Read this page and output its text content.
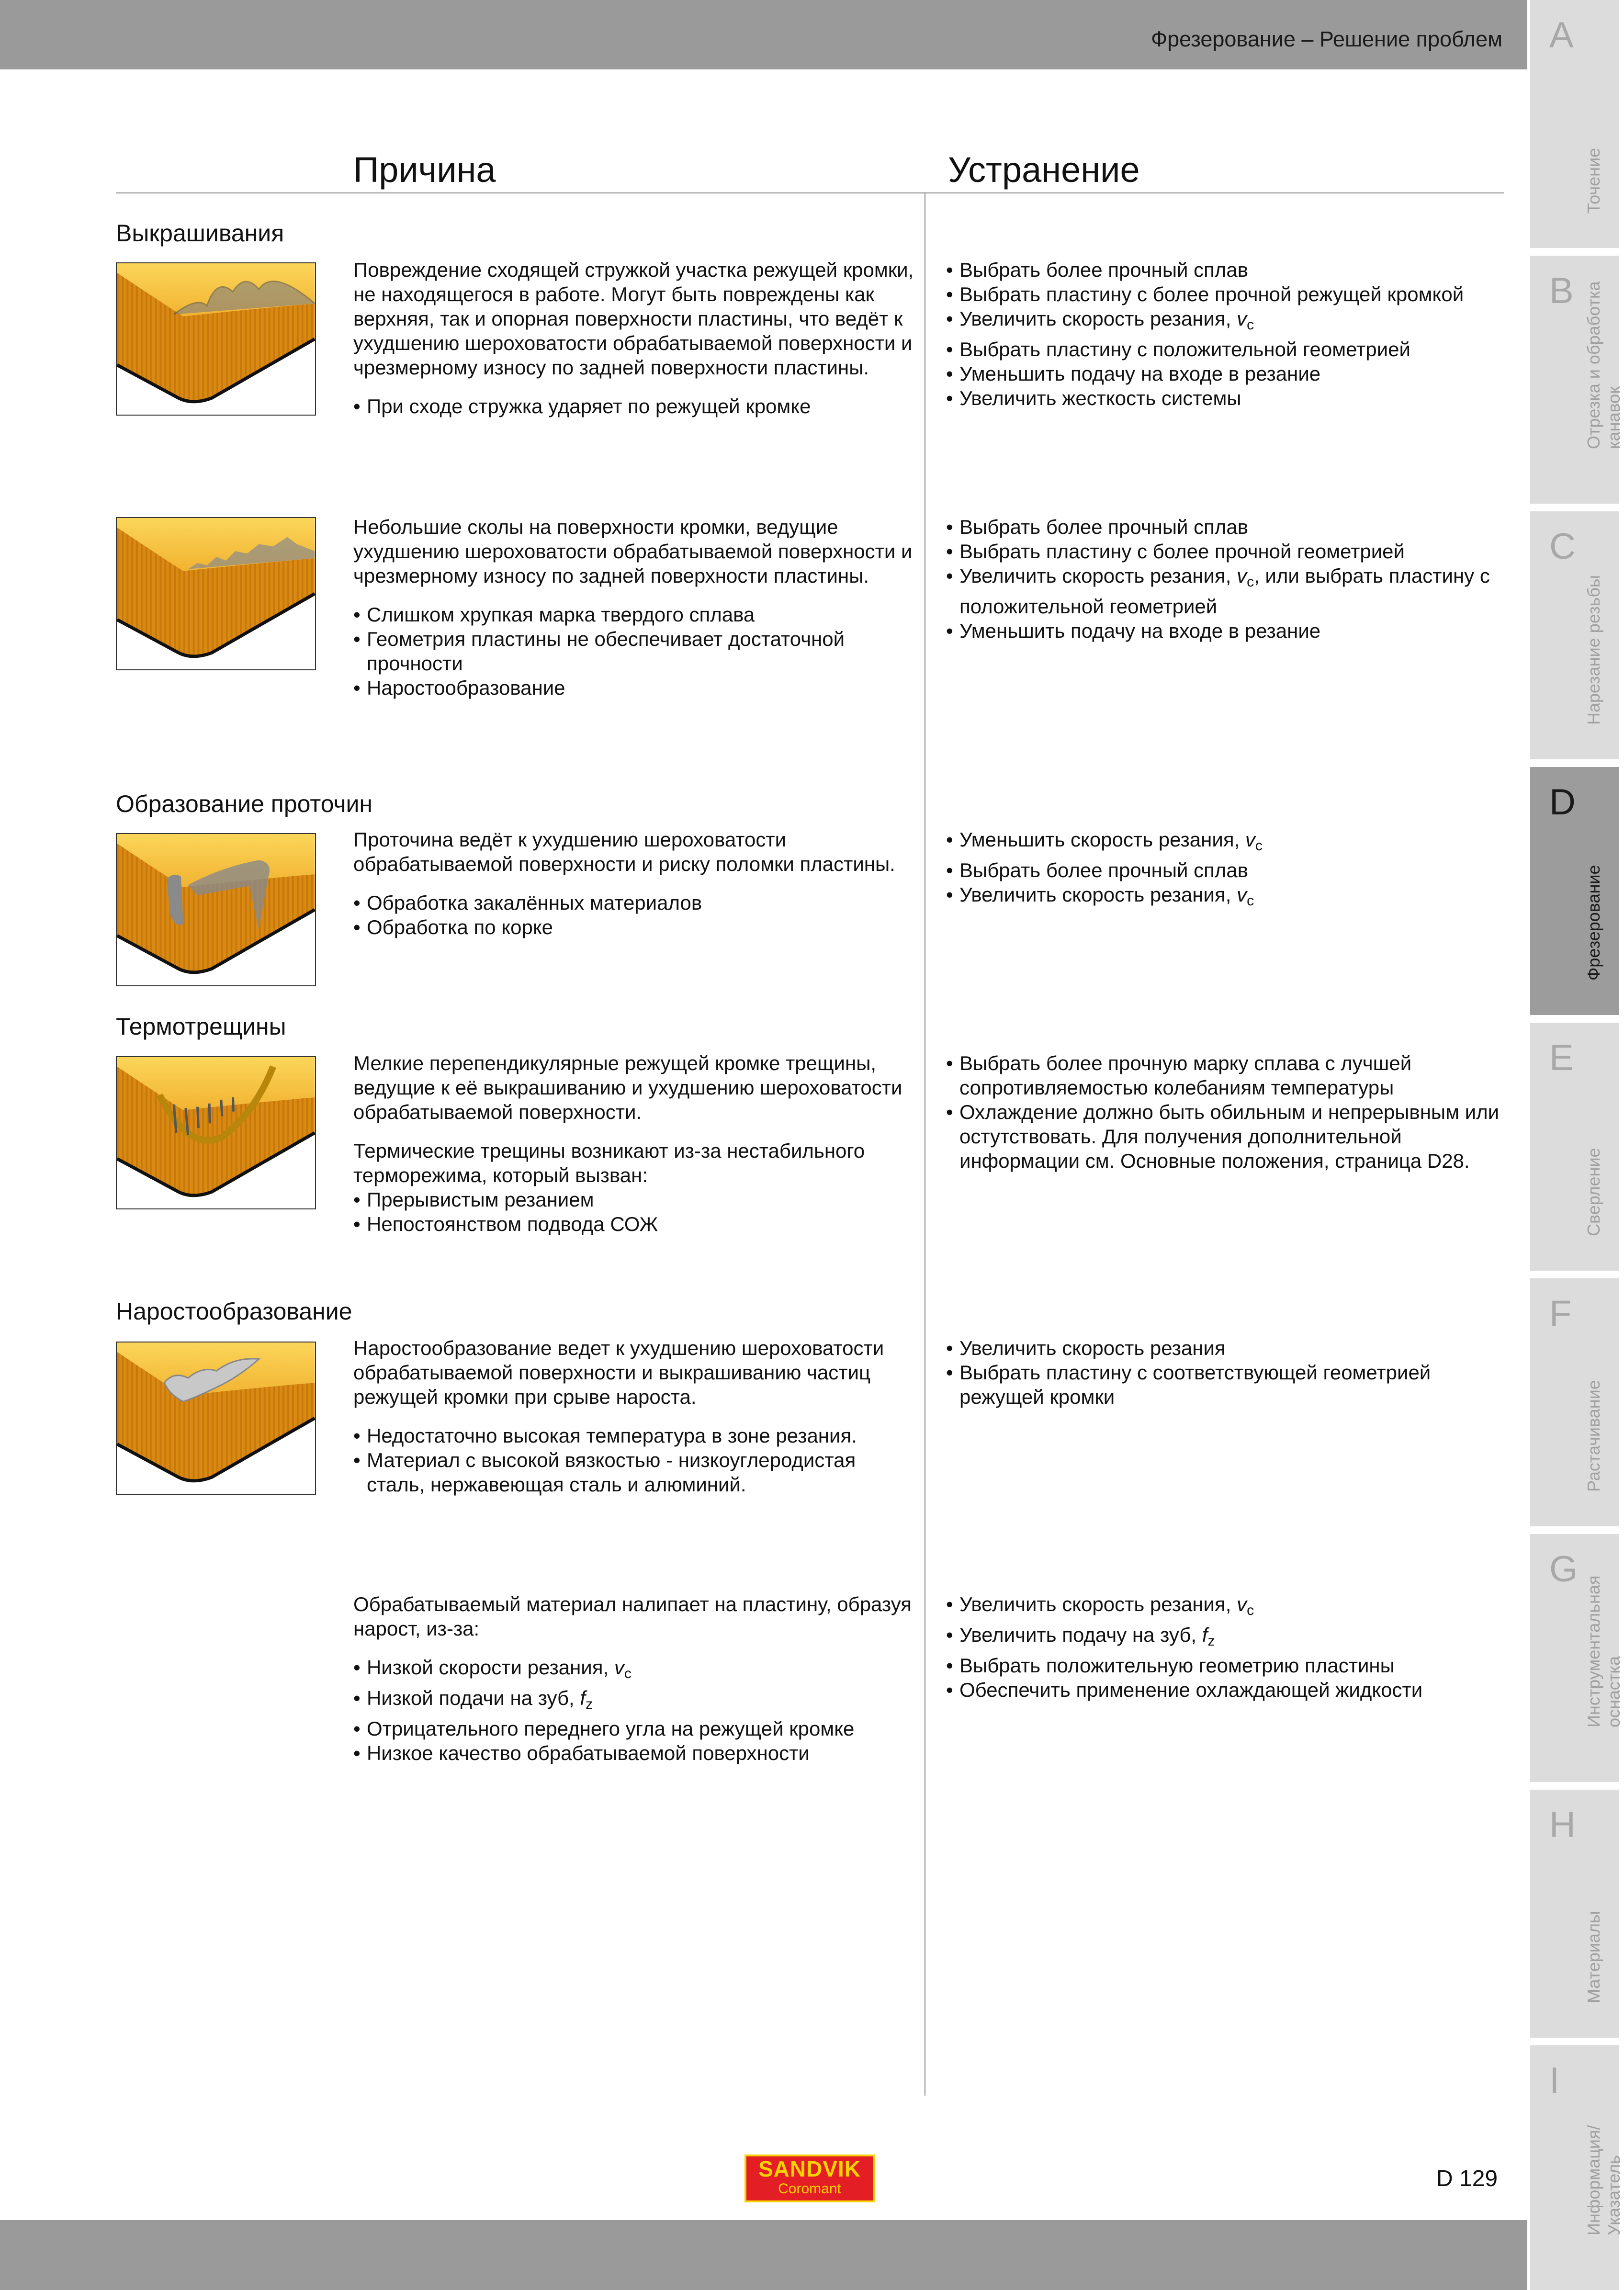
Фрезерование – Решение проблем A
Точение
B Отрезка и обработка канавок
C
Нарезание резьбы
D
Фрезерование
E
Сверление
F
Растачивание
G
Инструментальная оснастка
H
Материалы
I
Информация/ Указатель
Причина	Устранение
Выкрашивания

Повреждение сходящей стружкой участка режущей кромки, не находящегося в работе. Могут быть повреждены как верхняя, так и опорная поверхности пластины, что ведёт к ухудшению шероховатости обрабатываемой поверхности и чрезмерному износу по задней поверхности пластины.

• При сходе стружка ударяет по режущей кромке
• Выбрать более прочный сплав
• Выбрать пластину с более прочной режущей кромкой
• Увеличить скорость резания, $v_c$
• Выбрать пластину с положительной геометрией
• Уменьшить подачу на входе в резание
• Увеличить жесткость системы

Небольшие сколы на поверхности кромки, ведущие ухудшению шероховатости обрабатываемой поверхности и чрезмерному износу по задней поверхности пластины.

• Слишком хрупкая марка твердого сплава
• Геометрия пластины не обеспечивает достаточной прочности
• Наростообразование
• Выбрать более прочный сплав
• Выбрать пластину с более прочной геометрией
• Увеличить скорость резания, $v_c$, или выбрать пластину с положительной геометрией
• Уменьшить подачу на входе в резание
Образование проточин

Проточина ведёт к ухудшению шероховатости обрабатываемой поверхности и риску поломки пластины.

• Обработка закалённых материалов
• Обработка по корке
• Уменьшить скорость резания, $v_c$
• Выбрать более прочный сплав
• Увеличить скорость резания, $v_c$
Термотрещины

Мелкие перепендикулярные режущей кромке трещины, ведущие к её выкрашиванию и ухудшению шероховатости обрабатываемой поверхности.

Термические трещины возникают из-за нестабильного терморежима, который вызван:

• Прерывистым резанием
• Непостоянством подвода СОЖ
• Выбрать более прочную марку сплава с лучшей сопротивляемостью колебаниям температуры
• Охлаждение должно быть обильным и непрерывным или остутствовать. Для получения дополнительной информации см. Основные положения, страница D28.
Наростообразование

Наростообразование ведет к ухудшению шероховатости обрабатываемой поверхности и выкрашиванию частиц режущей кромки при срыве нароста.

• Недостаточно высокая температура в зоне резания.
• Материал с высокой вязкостью - низкоуглеродистая сталь, нержавеющая сталь и алюминий.
• Увеличить скорость резания
• Выбрать пластину с соответствующей геометрией режущей кромки

Обрабатываемый материал налипает на пластину, образуя нарост, из-за:

• Низкой скорости резания, $v_c$
• Низкой подачи на зуб, $f_z$
• Отрицательного переднего угла на режущей кромке
• Низкое качество обрабатываемой поверхности
• Увеличить скорость резания, $v_c$
• Увеличить подачу на зуб, $f_z$
• Выбрать положительную геометрию пластины
• Обеспечить применение охлаждающей жидкости
SANDVIK
Coromant	D 129
